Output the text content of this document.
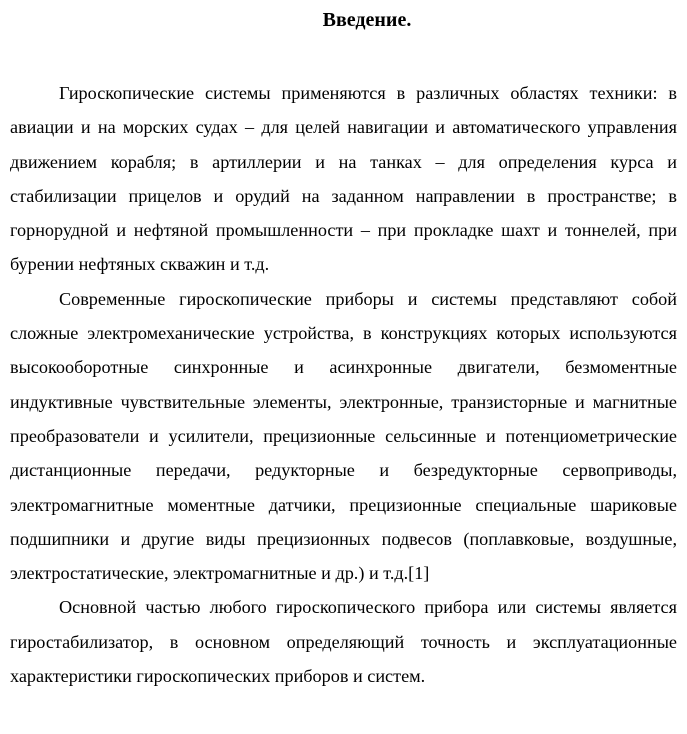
Введение.

Гироскопические системы применяются в различных областях техники: в авиации и на морских судах – для целей навигации и автоматического управления движением корабля; в артиллерии и на танках – для определения курса и стабилизации прицелов и орудий на заданном направлении в пространстве; в горнорудной и нефтяной промышленности – при прокладке шахт и тоннелей, при бурении нефтяных скважин и т.д.

Современные гироскопические приборы и системы представляют собой сложные электромеханические устройства, в конструкциях которых используются высокооборотные синхронные и асинхронные двигатели, безмоментные индуктивные чувствительные элементы, электронные, транзисторные и магнитные преобразователи и усилители, прецизионные сельсинные и потенциометрические дистанционные передачи, редукторные и безредукторные сервоприводы, электромагнитные моментные датчики, прецизионные специальные шариковые подшипники и другие виды прецизионных подвесов (поплавковые, воздушные, электростатические, электромагнитные и др.) и т.д.[1]

Основной частью любого гироскопического прибора или системы является гиростабилизатор, в основном определяющий точность и эксплуатационные характеристики гироскопических приборов и систем.
